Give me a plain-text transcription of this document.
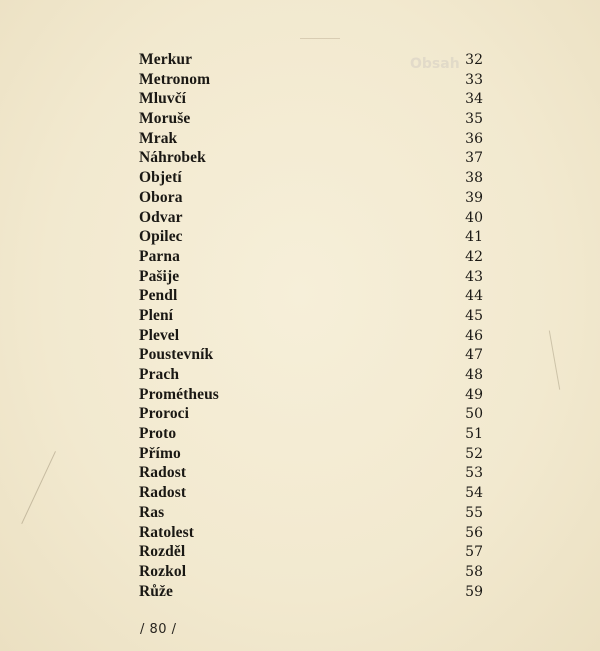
Obsah
Merkur	32
Metronom	33
Mluvčí	34
Moruše	35
Mrak	36
Náhrobek	37
Objetí	38
Obora	39
Odvar	40
Opilec	41
Parna	42
Pašije	43
Pendl	44
Plení	45
Plevel	46
Poustevník	47
Prach	48
Prométheus	49
Proroci	50
Proto	51
Přímo	52
Radost	53
Radost	54
Ras	55
Ratolest	56
Rozděl	57
Rozkol	58
Růže	59
/ 80 /
